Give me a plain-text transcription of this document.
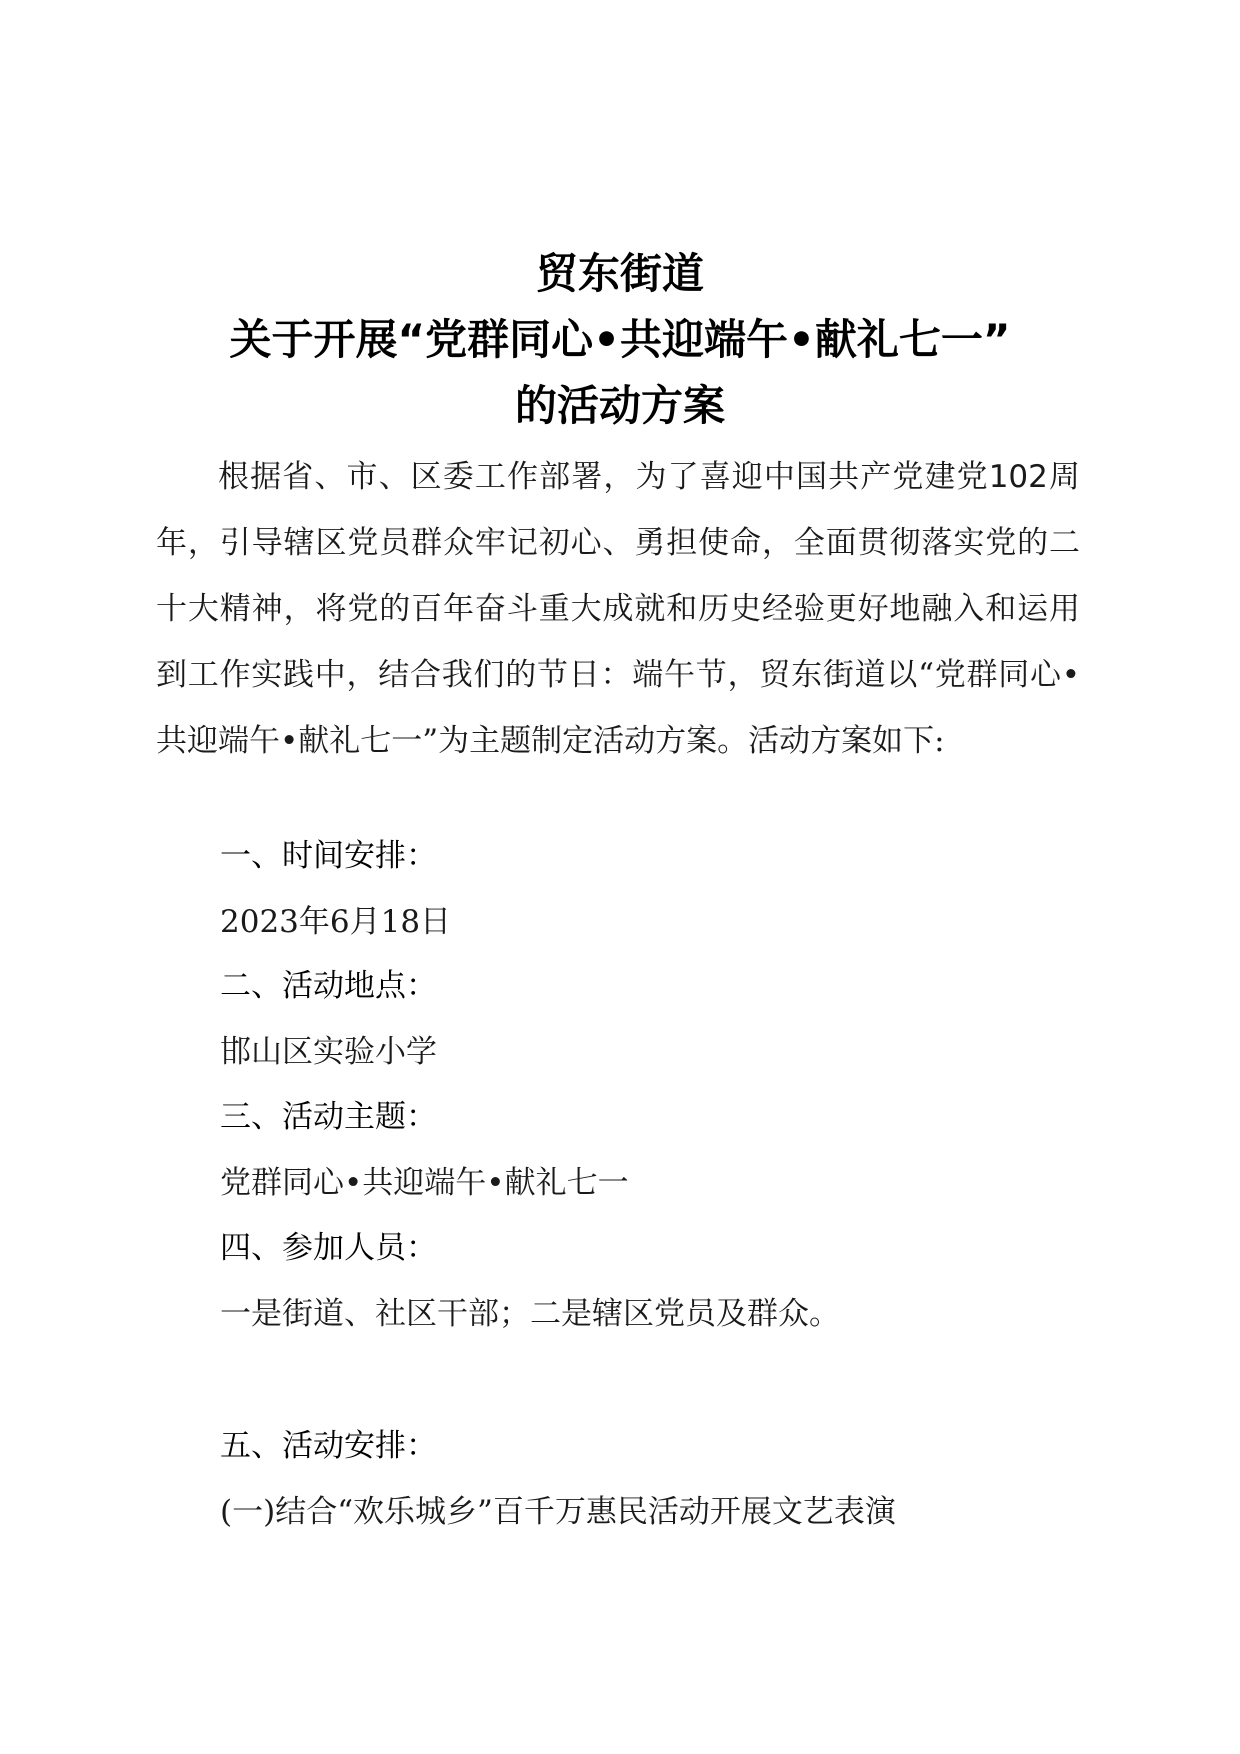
贸东街道
关于开展“党群同心•共迎端午•献礼七一”
的活动方案

根据省、市、区委工作部署，为了喜迎中国共产党建党102周年，引导辖区党员群众牢记初心、勇担使命，全面贯彻落实党的二十大精神，将党的百年奋斗重大成就和历史经验更好地融入和运用到工作实践中，结合我们的节日：端午节，贸东街道以“党群同心•共迎端午•献礼七一”为主题制定活动方案。活动方案如下:

一、时间安排：

2023年6月18日

二、活动地点：

邯山区实验小学

三、活动主题：

党群同心•共迎端午•献礼七一

四、参加人员：

一是街道、社区干部；二是辖区党员及群众。

五、活动安排：

(一)结合“欢乐城乡”百千万惠民活动开展文艺表演
